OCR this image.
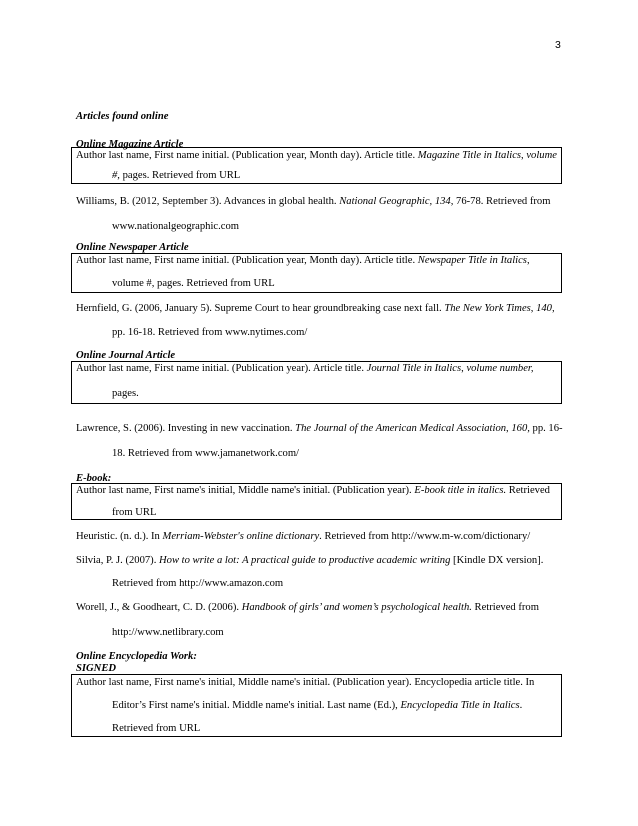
3
Articles found online
Online Magazine Article
Author last name, First name initial. (Publication year, Month day). Article title. Magazine Title in Italics, volume
#, pages. Retrieved from URL
Williams, B. (2012, September 3). Advances in global health. National Geographic, 134, 76-78. Retrieved from
www.nationalgeographic.com
Online Newspaper Article
Author last name, First name initial. (Publication year, Month day). Article title. Newspaper Title in Italics,
volume #, pages. Retrieved from URL
Hernfield, G. (2006, January 5). Supreme Court to hear groundbreaking case next fall. The New York Times, 140,
pp. 16-18. Retrieved from www.nytimes.com/
Online Journal Article
Author last name, First name initial. (Publication year). Article title. Journal Title in Italics, volume number,
pages.
Lawrence, S. (2006). Investing in new vaccination. The Journal of the American Medical Association, 160, pp. 16-
18. Retrieved from www.jamanetwork.com/
E-book:
Author last name, First name's initial, Middle name's initial. (Publication year). E-book title in italics. Retrieved
from URL
Heuristic. (n. d.). In Merriam-Webster's online dictionary. Retrieved from http://www.m-w.com/dictionary/
Silvia, P. J. (2007). How to write a lot: A practical guide to productive academic writing [Kindle DX version].
Retrieved from http://www.amazon.com
Worell, J., & Goodheart, C. D. (2006). Handbook of girls’ and women’s psychological health. Retrieved from
http://www.netlibrary.com
Online Encyclopedia Work:
SIGNED
Author last name, First name's initial, Middle name's initial. (Publication year). Encyclopedia article title. In
Editor’s First name's initial. Middle name's initial. Last name (Ed.), Encyclopedia Title in Italics.
Retrieved from URL
